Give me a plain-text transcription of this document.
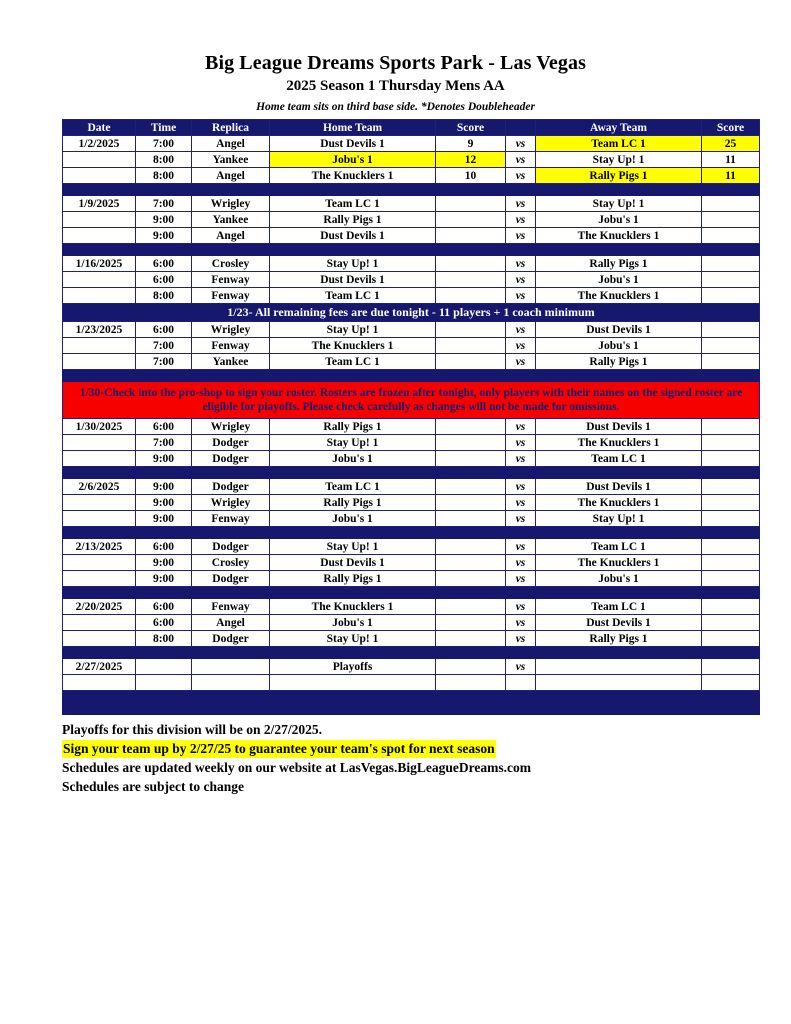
Big League Dreams Sports Park - Las Vegas
2025 Season 1 Thursday Mens AA
Home team sits on third base side. *Denotes Doubleheader
Date	Time	Replica	Home Team	Score		Away Team	Score
1/2/2025	7:00	Angel	Dust Devils 1	9	vs	Team LC 1	25
	8:00	Yankee	Jobu's 1	12	vs	Stay Up! 1	11
	8:00	Angel	The Knucklers 1	10	vs	Rally Pigs 1	11

1/9/2025	7:00	Wrigley	Team LC 1		vs	Stay Up! 1	
	9:00	Yankee	Rally Pigs 1		vs	Jobu's 1	
	9:00	Angel	Dust Devils 1		vs	The Knucklers 1	

1/16/2025	6:00	Crosley	Stay Up! 1		vs	Rally Pigs 1	
	6:00	Fenway	Dust Devils 1		vs	Jobu's 1	
	8:00	Fenway	Team LC 1		vs	The Knucklers 1	
1/23- All remaining fees are due tonight - 11 players + 1 coach minimum							
1/23/2025	6:00	Wrigley	Stay Up! 1		vs	Dust Devils 1	
	7:00	Fenway	The Knucklers 1		vs	Jobu's 1	
	7:00	Yankee	Team LC 1		vs	Rally Pigs 1	

1/30-Check into the pro-shop to sign your roster. Rosters are frozen after tonight, only players with their names on the signed roster are eligible for playoffs. Please check carefully as changes will not be made for omissions.							
1/30/2025	6:00	Wrigley	Rally Pigs 1		vs	Dust Devils 1	
	7:00	Dodger	Stay Up! 1		vs	The Knucklers 1	
	9:00	Dodger	Jobu's 1		vs	Team LC 1	

2/6/2025	9:00	Dodger	Team LC 1		vs	Dust Devils 1	
	9:00	Wrigley	Rally Pigs 1		vs	The Knucklers 1	
	9:00	Fenway	Jobu's 1		vs	Stay Up! 1	

2/13/2025	6:00	Dodger	Stay Up! 1		vs	Team LC 1	
	9:00	Crosley	Dust Devils 1		vs	The Knucklers 1	
	9:00	Dodger	Rally Pigs 1		vs	Jobu's 1	

2/20/2025	6:00	Fenway	The Knucklers 1		vs	Team LC 1	
	6:00	Angel	Jobu's 1		vs	Dust Devils 1	
	8:00	Dodger	Stay Up! 1		vs	Rally Pigs 1	

2/27/2025			Playoffs		vs		

Playoffs for this division will be on 2/27/2025.
Sign your team up by 2/27/25 to guarantee your team's spot for next season
Schedules are updated weekly on our website at LasVegas.BigLeagueDreams.com
Schedules are subject to change
